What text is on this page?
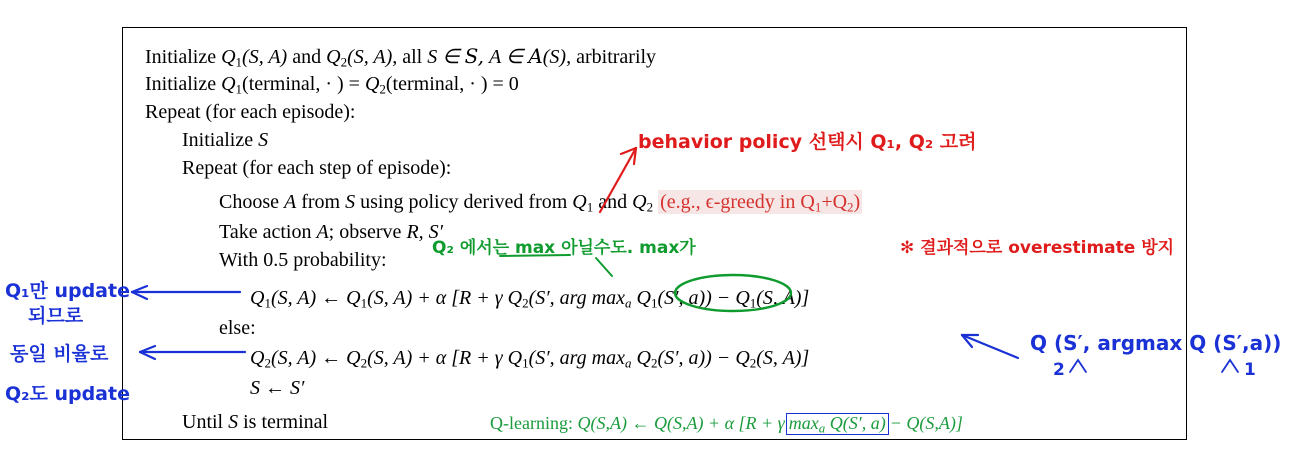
Initialize $Q_1(S$, A) and $Q_2(S$, A), all S ∈ S, A ∈ A(S), arbitrarily
Initialize $Q_1(terminal$, · ) = $Q_2(terminal$, · ) = 0
Repeat (for each episode):
Initialize S
Repeat (for each step of episode):
Choose A from S using policy derived from $Q_1$ and $Q_2$ (e.g., ϵ-greedy in $Q_1+Q_2$)
Take action A; observe R, S′
With 0.5 probability:
$Q_1(S$, A) ← $Q_1(S$, A) + α [R + γ $Q_2(S'$, arg $\max_a Q_1(S'$, $a)) - Q_1(S$, A)]
else:
$Q_2(S$, A) ← $Q_2(S$, A) + α [R + γ $Q_1(S'$, arg $\max_a Q_2(S'$, $a)) - Q_2(S$, A)]
S ← S′
Until S is terminal	Q-learning: Q(S,A) ← Q(S,A) + α [R + γ $\max_a Q(S'$, a) − Q(S,A)]
behavior policy 선택시 Q₁, Q₂ 고려
Q₂ 에서는 max 아닐수도. max가	✻ 결과적으로 overestimate 방지
Q₁만 update
되므로
동일 비율로
Q₂도 update
Q (S′, argmax Q (S′,a))
2	1
